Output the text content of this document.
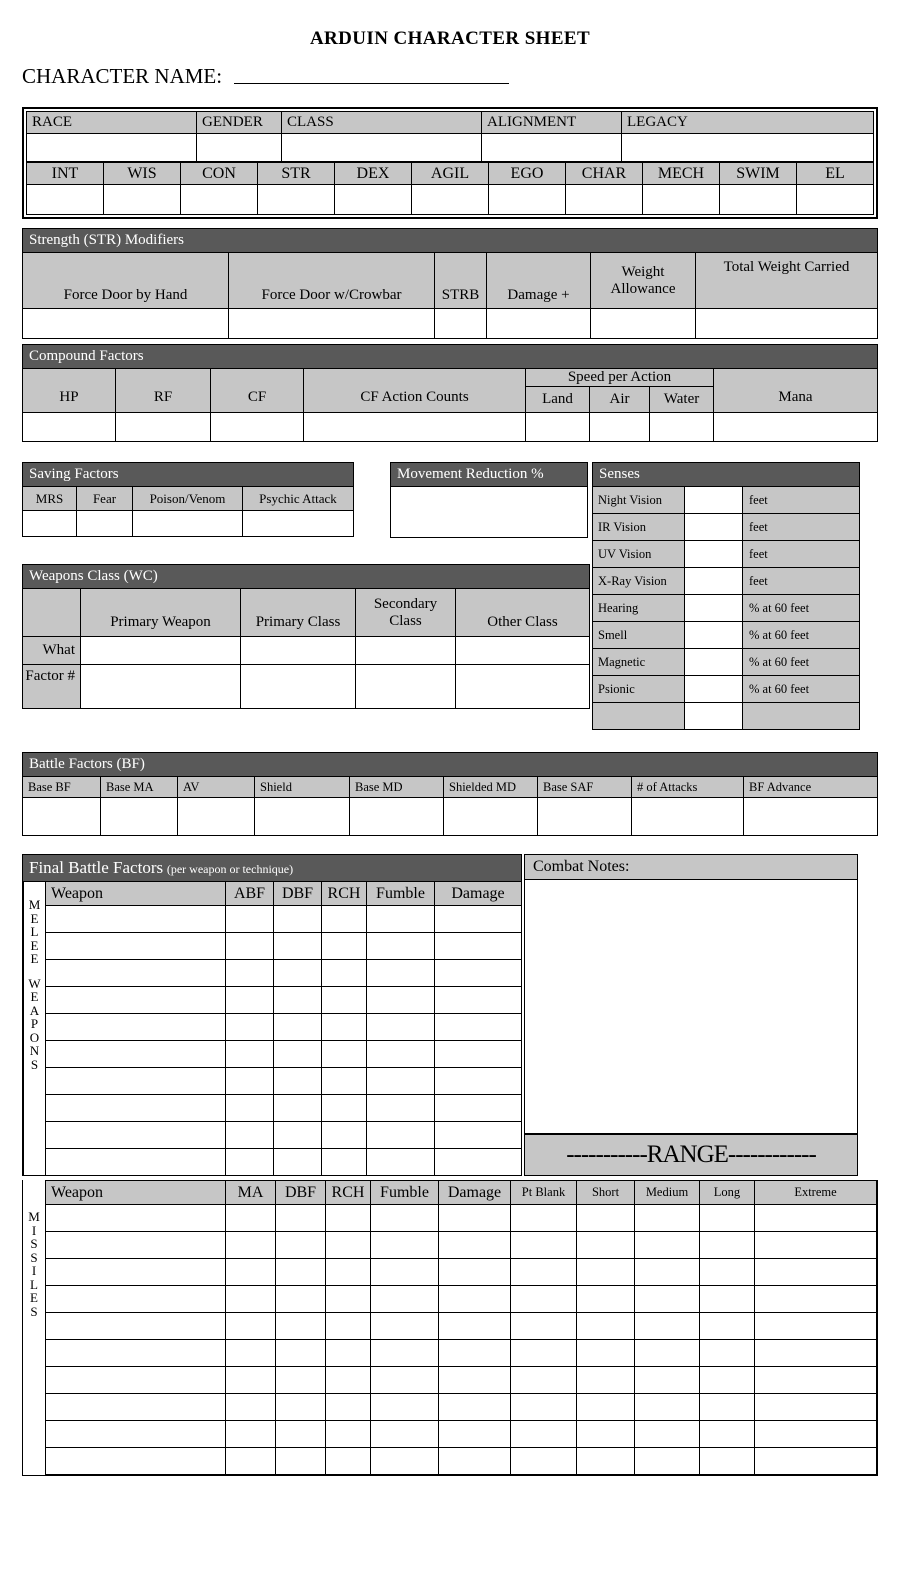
ARDUIN CHARACTER SHEET
CHARACTER NAME:
RACE	GENDER	CLASS	ALIGNMENT	LEGACY

INT	WIS	CON	STR	DEX	AGIL	EGO	CHAR	MECH	SWIM	EL

Strength (STR) Modifiers
Force Door by Hand	Force Door w/Crowbar	STRB	Damage +	Weight Allowance	Total Weight Carried

Compound Factors
HP	RF	CF	CF Action Counts	Speed per Action			Mana
				Land	Air	Water	

Saving Factors
MRS	Fear	Poison/Venom	Psychic Attack

Movement Reduction %
Weapons Class (WC)
	Primary Weapon	Primary Class	Secondary Class	Other Class
What				
Factor #				
Senses
Night Vision		feet
IR Vision		feet
UV Vision		feet
X-Ray Vision		feet
Hearing		% at 60 feet
Smell		% at 60 feet
Magnetic		% at 60 feet
Psionic		% at 60 feet

Battle Factors (BF)
Base BF	Base MA	AV	Shield	Base MD	Shielded MD	Base SAF	# of Attacks	BF Advance

Final Battle Factors (per weapon or technique)
M
E
L
E
E
W
E
A
P
O
N
S
Weapon	ABF	DBF	RCH	Fumble	Damage

Combat Notes:
-----------RANGE------------
M
I
S
S
I
L
E
S
Weapon	MA	DBF	RCH	Fumble	Damage	Pt Blank	Short	Medium	Long	Extreme
